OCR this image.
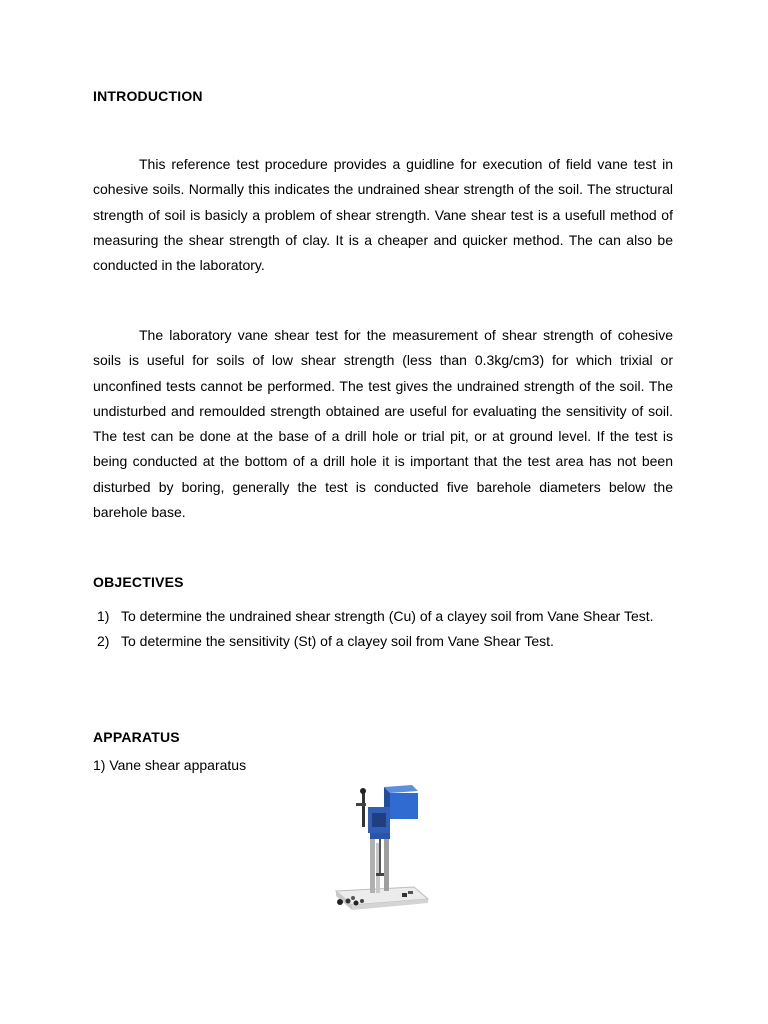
INTRODUCTION

This reference test procedure provides a guidline for execution of field vane test in cohesive soils. Normally this indicates the undrained shear strength of the soil. The structural strength of soil is basicly a problem of shear strength. Vane shear test is a usefull method of measuring the shear strength of clay. It is a cheaper and quicker method. The can also be conducted in the laboratory.

The laboratory vane shear test for the measurement of shear strength of cohesive soils is useful for soils of low shear strength (less than 0.3kg/cm3) for which trixial or unconfined tests cannot be performed. The test gives the undrained strength of the soil. The undisturbed and remoulded strength obtained are useful for evaluating the sensitivity of soil. The test can be done at the base of a drill hole or trial pit, or at ground level. If the test is being conducted at the bottom of a drill hole it is important that the test area has not been disturbed by boring, generally the test is conducted five barehole diameters below the barehole base.

OBJECTIVES
1) To determine the undrained shear strength (Cu) of a clayey soil from Vane Shear Test.
2) To determine the sensitivity (St) of a clayey soil from Vane Shear Test.
APPARATUS
1) Vane shear apparatus
